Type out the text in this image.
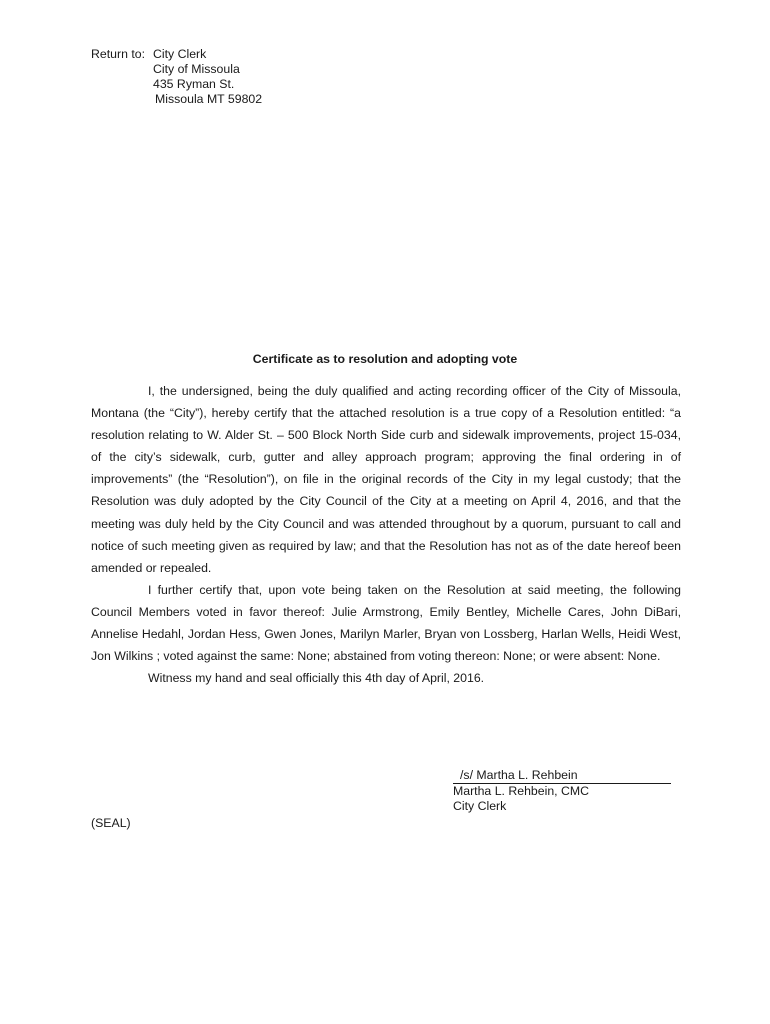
Return to: City Clerk
City of Missoula
435 Ryman St.
Missoula MT 59802
Certificate as to resolution and adopting vote

I, the undersigned, being the duly qualified and acting recording officer of the City of Missoula, Montana (the “City”), hereby certify that the attached resolution is a true copy of a Resolution entitled: “a resolution relating to W. Alder St. – 500 Block North Side curb and sidewalk improvements, project 15-034, of the city’s sidewalk, curb, gutter and alley approach program; approving the final ordering in of improvements” (the “Resolution”), on file in the original records of the City in my legal custody; that the Resolution was duly adopted by the City Council of the City at a meeting on April 4, 2016, and that the meeting was duly held by the City Council and was attended throughout by a quorum, pursuant to call and notice of such meeting given as required by law; and that the Resolution has not as of the date hereof been amended or repealed.

I further certify that, upon vote being taken on the Resolution at said meeting, the following Council Members voted in favor thereof: Julie Armstrong, Emily Bentley, Michelle Cares, John DiBari, Annelise Hedahl, Jordan Hess, Gwen Jones, Marilyn Marler, Bryan von Lossberg, Harlan Wells, Heidi West, Jon Wilkins ; voted against the same: None; abstained from voting thereon: None; or were absent: None.

Witness my hand and seal officially this 4th day of April, 2016.

/s/ Martha L. Rehbein
Martha L. Rehbein, CMC
City Clerk
(SEAL)
